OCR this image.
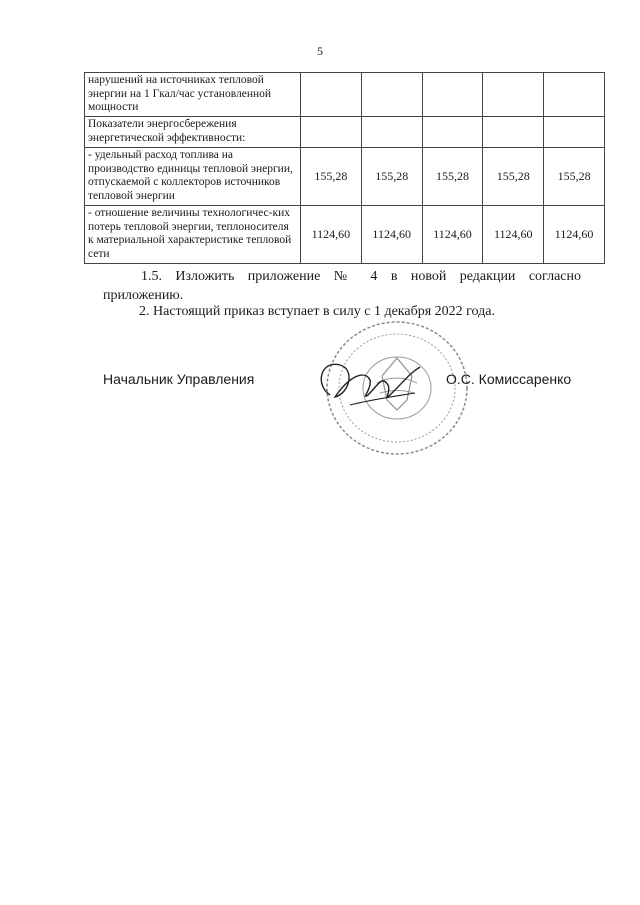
5
нарушений на источниках тепловой энергии на 1 Гкал/час установленной мощности					
Показатели энергосбережения энергетической эффективности:					
- удельный расход топлива на производство единицы тепловой энергии, отпускаемой с коллекторов источников тепловой энергии	155,28	155,28	155,28	155,28	155,28
- отношение величины технологичес-ких потерь тепловой энергии, теплоносителя к материальной характеристике тепловой сети	1124,60	1124,60	1124,60	1124,60	1124,60
1.5. Изложить приложение № 4 в новой редакции согласно
приложению.
2. Настоящий приказ вступает в силу с 1 декабря 2022 года.
Начальник Управления	О.С. Комиссаренко
